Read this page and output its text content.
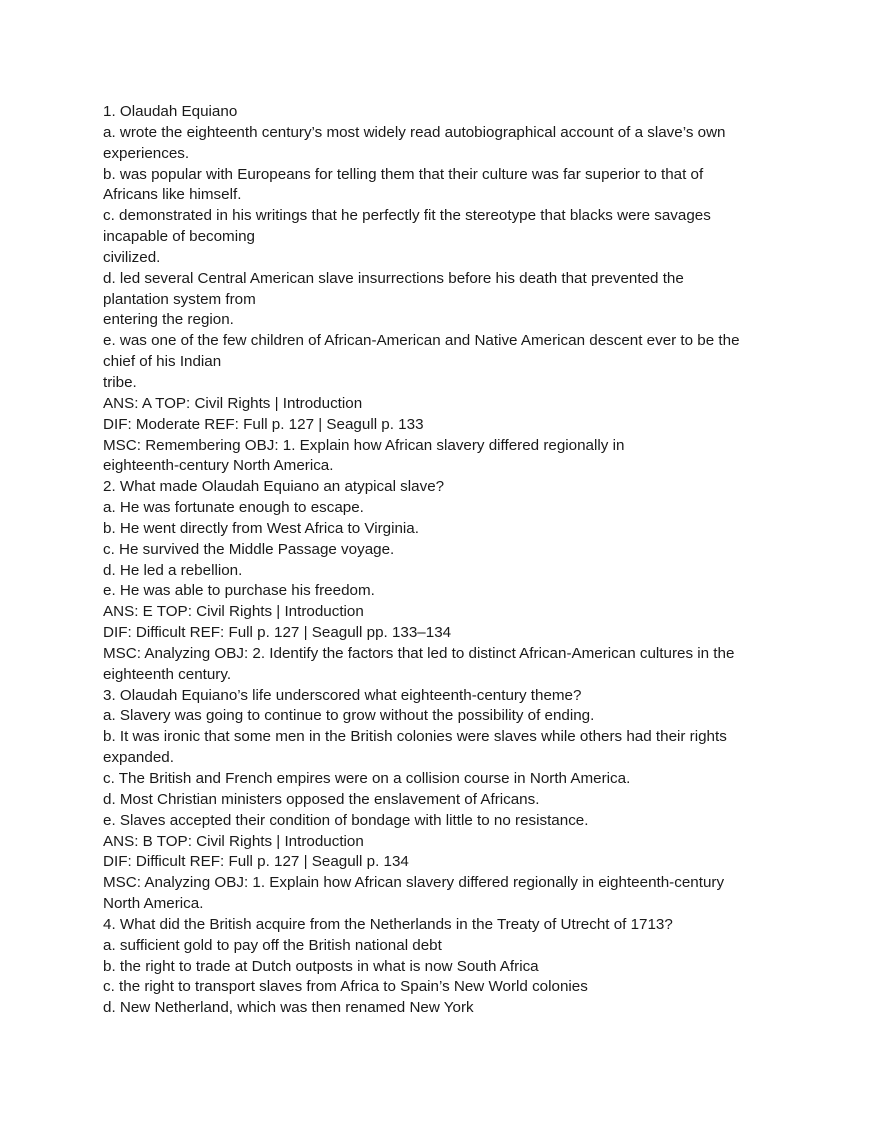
1. Olaudah Equiano
a. wrote the eighteenth century’s most widely read autobiographical account of a slave’s own
experiences.
b. was popular with Europeans for telling them that their culture was far superior to that of
Africans like himself.
c. demonstrated in his writings that he perfectly fit the stereotype that blacks were savages
incapable of becoming
civilized.
d. led several Central American slave insurrections before his death that prevented the
plantation system from
entering the region.
e. was one of the few children of African-American and Native American descent ever to be the
chief of his Indian
tribe.
ANS: A TOP: Civil Rights | Introduction
DIF: Moderate REF: Full p. 127 | Seagull p. 133
MSC: Remembering OBJ: 1. Explain how African slavery differed regionally in
eighteenth-century North America.
2. What made Olaudah Equiano an atypical slave?
a. He was fortunate enough to escape.
b. He went directly from West Africa to Virginia.
c. He survived the Middle Passage voyage.
d. He led a rebellion.
e. He was able to purchase his freedom.
ANS: E TOP: Civil Rights | Introduction
DIF: Difficult REF: Full p. 127 | Seagull pp. 133–134
MSC: Analyzing OBJ: 2. Identify the factors that led to distinct African-American cultures in the
eighteenth century.
3. Olaudah Equiano’s life underscored what eighteenth-century theme?
a. Slavery was going to continue to grow without the possibility of ending.
b. It was ironic that some men in the British colonies were slaves while others had their rights
expanded.
c. The British and French empires were on a collision course in North America.
d. Most Christian ministers opposed the enslavement of Africans.
e. Slaves accepted their condition of bondage with little to no resistance.
ANS: B TOP: Civil Rights | Introduction
DIF: Difficult REF: Full p. 127 | Seagull p. 134
MSC: Analyzing OBJ: 1. Explain how African slavery differed regionally in eighteenth-century
North America.
4. What did the British acquire from the Netherlands in the Treaty of Utrecht of 1713?
a. sufficient gold to pay off the British national debt
b. the right to trade at Dutch outposts in what is now South Africa
c. the right to transport slaves from Africa to Spain’s New World colonies
d. New Netherland, which was then renamed New York
